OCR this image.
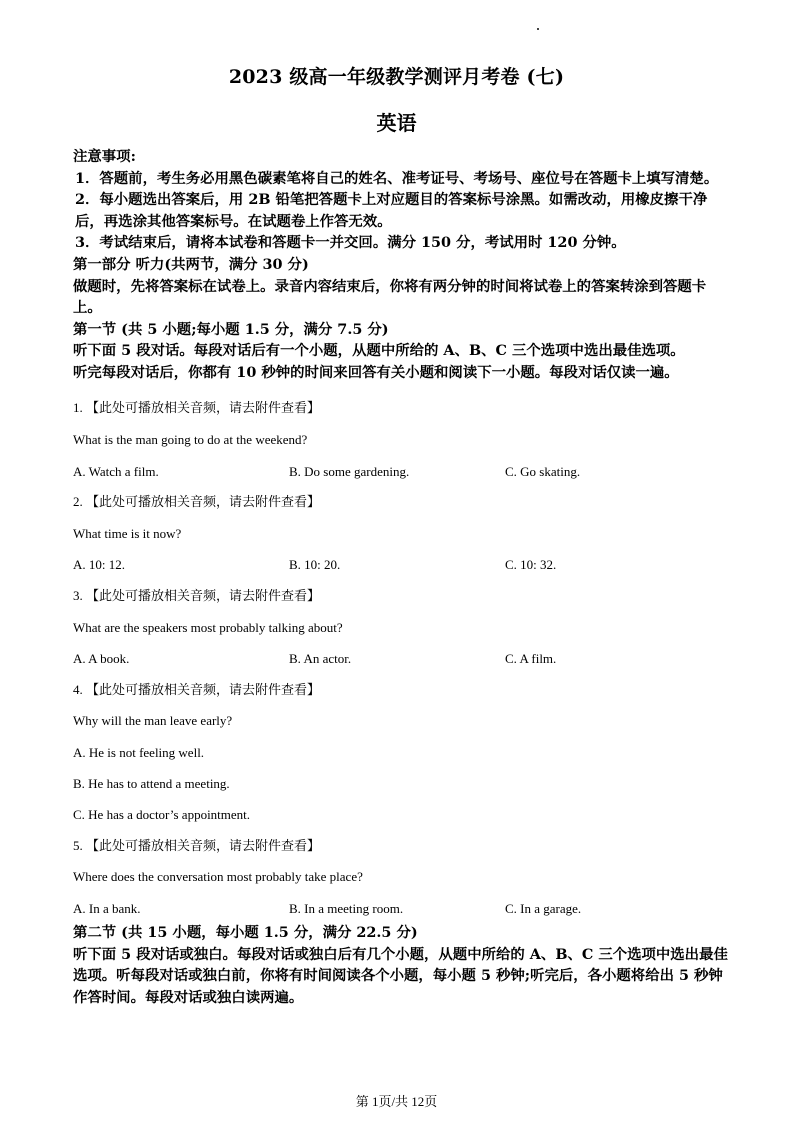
2023 级高一年级教学测评月考卷 (七)
英语

注意事项:

1．答题前，考生务必用黑色碳素笔将自己的姓名、准考证号、考场号、座位号在答题卡上填写清楚。

2．每小题选出答案后，用 2B 铅笔把答题卡上对应题目的答案标号涂黑。如需改动，用橡皮擦干净后，再选涂其他答案标号。在试题卷上作答无效。

3．考试结束后，请将本试卷和答题卡一并交回。满分 150 分，考试用时 120 分钟。

第一部分 听力(共两节，满分 30 分)

做题时，先将答案标在试卷上。录音内容结束后，你将有两分钟的时间将试卷上的答案转涂到答题卡上。

第一节 (共 5 小题;每小题 1.5 分，满分 7.5 分)

听下面 5 段对话。每段对话后有一个小题，从题中所给的 A、B、C 三个选项中选出最佳选项。

听完每段对话后，你都有 10 秒钟的时间来回答有关小题和阅读下一小题。每段对话仅读一遍。

1. 【此处可播放相关音频，请去附件查看】
What is the man going to do at the weekend?
A. Watch a film.	B. Do some gardening.	C. Go skating.
2. 【此处可播放相关音频，请去附件查看】
What time is it now?
A. 10: 12.	B. 10: 20.	C. 10: 32.
3. 【此处可播放相关音频，请去附件查看】
What are the speakers most probably talking about?
A. A book.	B. An actor.	C. A film.
4. 【此处可播放相关音频，请去附件查看】
Why will the man leave early?
A. He is not feeling well.
B. He has to attend a meeting.
C. He has a doctor’s appointment.
5. 【此处可播放相关音频，请去附件查看】
Where does the conversation most probably take place?
A. In a bank.	B. In a meeting room.	C. In a garage.

第二节 (共 15 小题，每小题 1.5 分，满分 22.5 分)

听下面 5 段对话或独白。每段对话或独白后有几个小题，从题中所给的 A、B、C 三个选项中选出最佳选项。听每段对话或独白前，你将有时间阅读各个小题，每小题 5 秒钟;听完后，各小题将给出 5 秒钟作答时间。每段对话或独白读两遍。

第 1页/共 12页
